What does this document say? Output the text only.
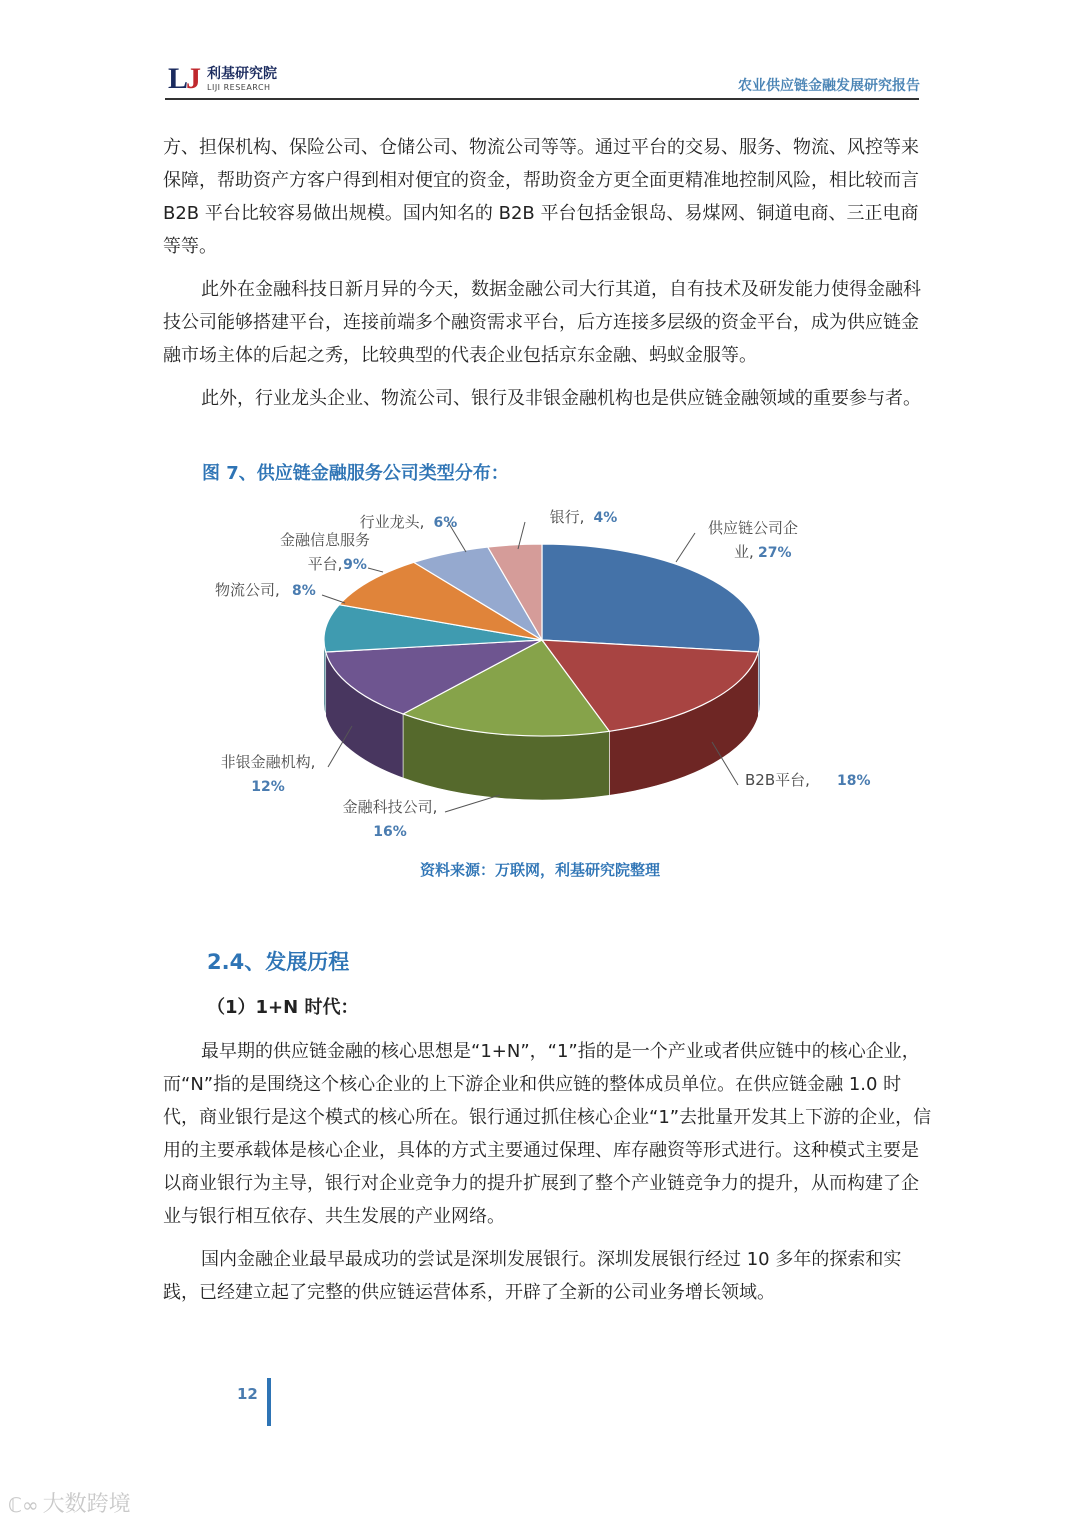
LJ 利基研究院
LIJI RESEARCH	农业供应链金融发展研究报告

方、担保机构、保险公司、仓储公司、物流公司等等。通过平台的交易、服务、物流、风控等来保障，帮助资产方客户得到相对便宜的资金，帮助资金方更全面更精准地控制风险，相比较而言 B2B 平台比较容易做出规模。国内知名的 B2B 平台包括金银岛、易煤网、铜道电商、三正电商等等。

此外在金融科技日新月异的今天，数据金融公司大行其道，自有技术及研发能力使得金融科技公司能够搭建平台，连接前端多个融资需求平台，后方连接多层级的资金平台，成为供应链金融市场主体的后起之秀，比较典型的代表企业包括京东金融、蚂蚁金服等。

此外，行业龙头企业、物流公司、银行及非银金融机构也是供应链金融领域的重要参与者。

图 7、供应链金融服务公司类型分布：
供应链公司企
业, 27%
B2B平台, 18%
金融科技公司,
16%
非银金融机构,
12%
物流公司, 8%
金融信息服务
平台, 9%
行业龙头, 6%	银行, 4%
资料来源：万联网，利基研究院整理
2.4、发展历程
（1）1+N 时代：

最早期的供应链金融的核心思想是“1+N”，“1”指的是一个产业或者供应链中的核心企业，而“N”指的是围绕这个核心企业的上下游企业和供应链的整体成员单位。在供应链金融 1.0 时代，商业银行是这个模式的核心所在。银行通过抓住核心企业“1”去批量开发其上下游的企业，信用的主要承载体是核心企业，具体的方式主要通过保理、库存融资等形式进行。这种模式主要是以商业银行为主导，银行对企业竞争力的提升扩展到了整个产业链竞争力的提升，从而构建了企业与银行相互依存、共生发展的产业网络。

国内金融企业最早最成功的尝试是深圳发展银行。深圳发展银行经过 10 多年的探索和实践，已经建立起了完整的供应链运营体系，开辟了全新的公司业务增长领域。

12
ℂ∞ 大数跨境
